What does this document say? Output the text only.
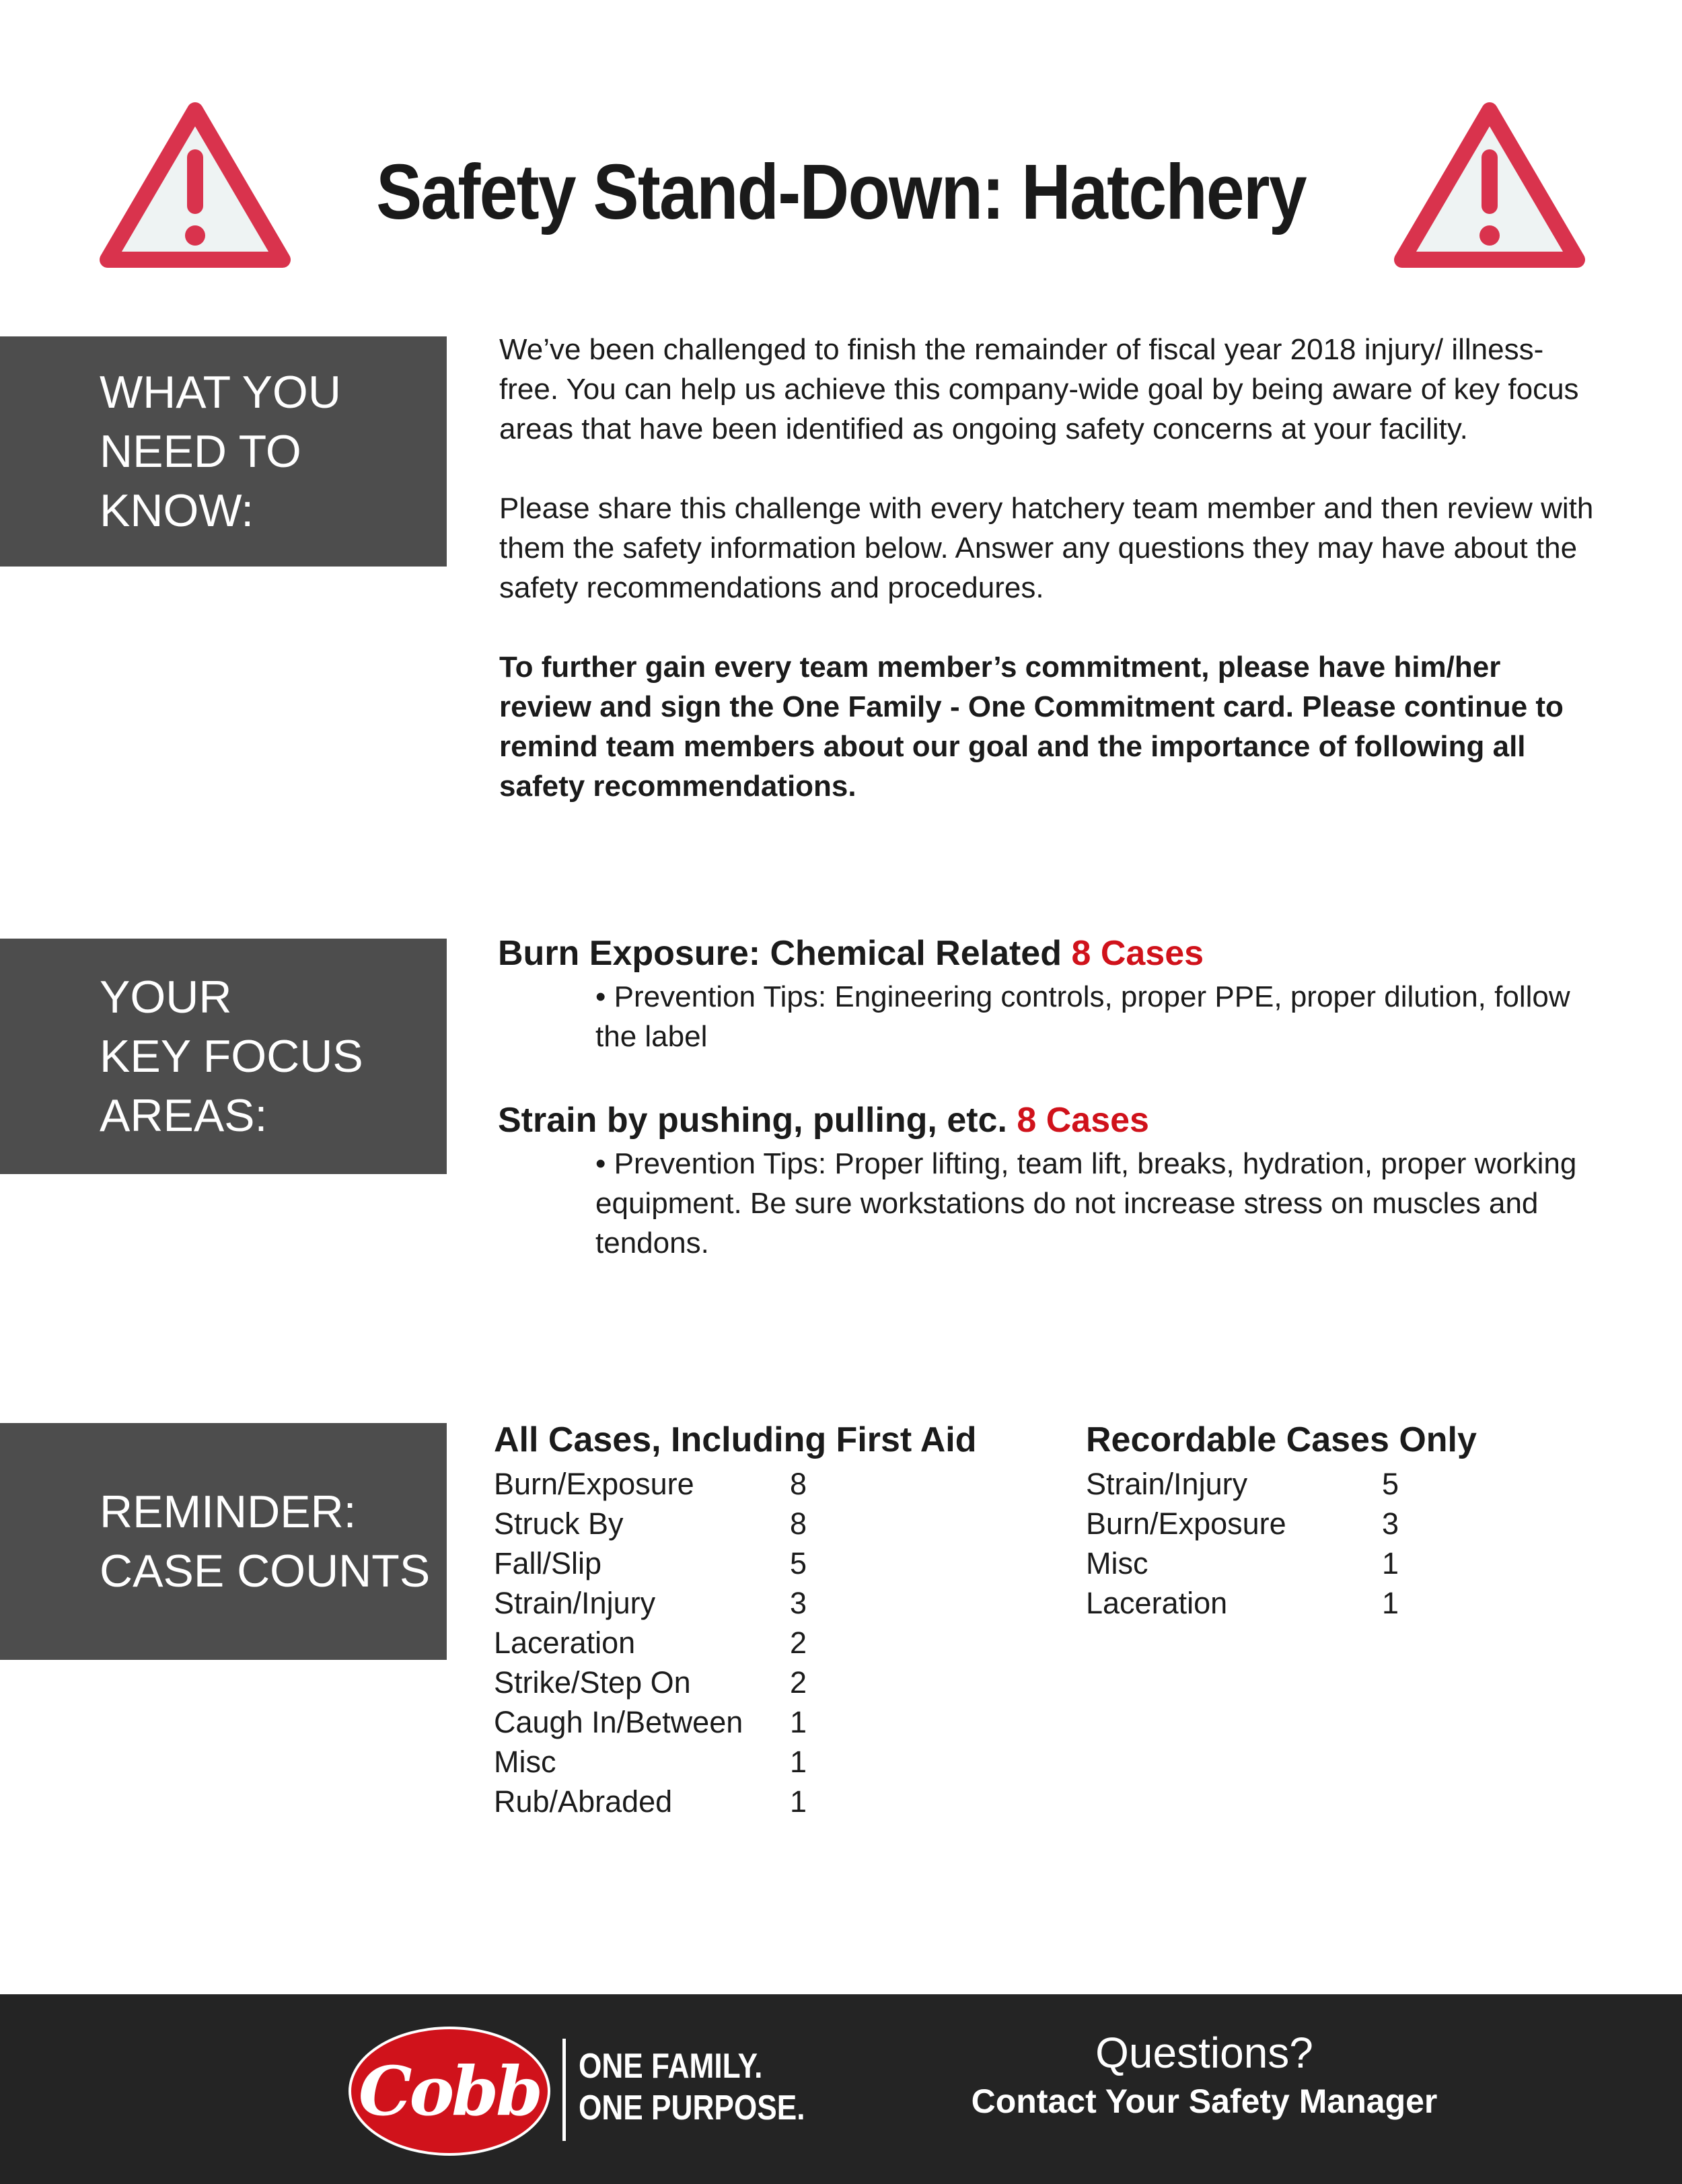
Safety Stand-Down: Hatchery
WHAT YOU
NEED TO
KNOW:

We’ve been challenged to finish the remainder of fiscal year 2018 injury/ illness-free. You can help us achieve this company-wide goal by being aware of key focus areas that have been identified as ongoing safety concerns at your facility.

Please share this challenge with every hatchery team member and then review with them the safety information below. Answer any questions they may have about the safety recommendations and procedures.

To further gain every team member’s commitment, please have him/her review and sign the One Family - One Commitment card. Please continue to remind team members about our goal and the importance of following all safety recommendations.

YOUR
KEY FOCUS
AREAS:
Burn Exposure: Chemical Related 8 Cases
• Prevention Tips: Engineering controls, proper PPE, proper dilution, follow the label
Strain by pushing, pulling, etc. 8 Cases
• Prevention Tips: Proper lifting, team lift, breaks, hydration, proper working equipment. Be sure workstations do not increase stress on muscles and tendons.
REMINDER:
CASE COUNTS
All Cases, Including First Aid
Burn/Exposure	8
Struck By	8
Fall/Slip	5
Strain/Injury	3
Laceration	2
Strike/Step On	2
Caugh In/Between	1
Misc	1
Rub/Abraded	1
Recordable Cases Only
Strain/Injury	5
Burn/Exposure	3
Misc	1
Laceration	1
Cobb ONE FAMILY.
ONE PURPOSE.
Questions?
Contact Your Safety Manager
